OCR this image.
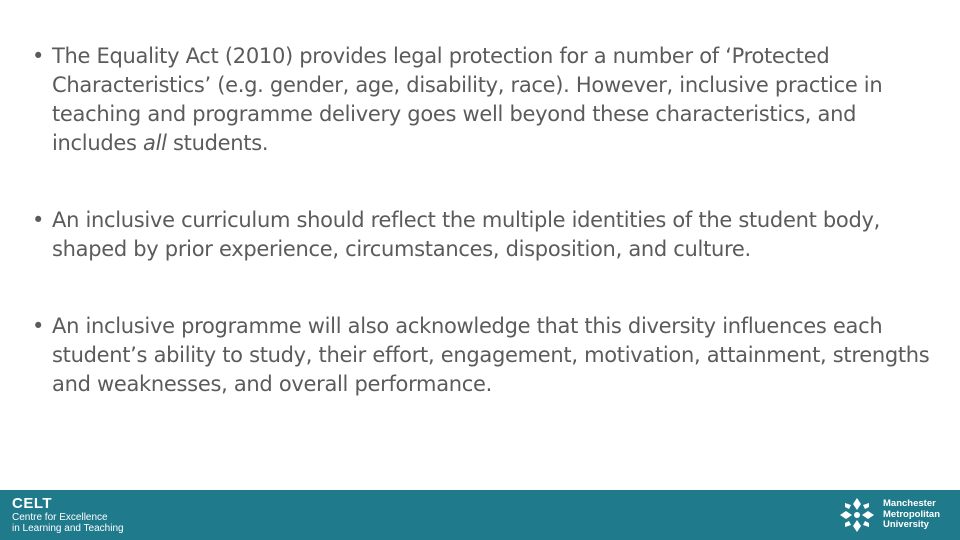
• The Equality Act (2010) provides legal protection for a number of ‘Protected Characteristics’ (e.g. gender, age, disability, race). However, inclusive practice in teaching and programme delivery goes well beyond these characteristics, and includes all students.
• An inclusive curriculum should reflect the multiple identities of the student body, shaped by prior experience, circumstances, disposition, and culture.
• An inclusive programme will also acknowledge that this diversity influences each student’s ability to study, their effort, engagement, motivation, attainment, strengths and weaknesses, and overall performance.
CELT
Centre for Excellence
in Learning and Teaching
Manchester
Metropolitan
University
